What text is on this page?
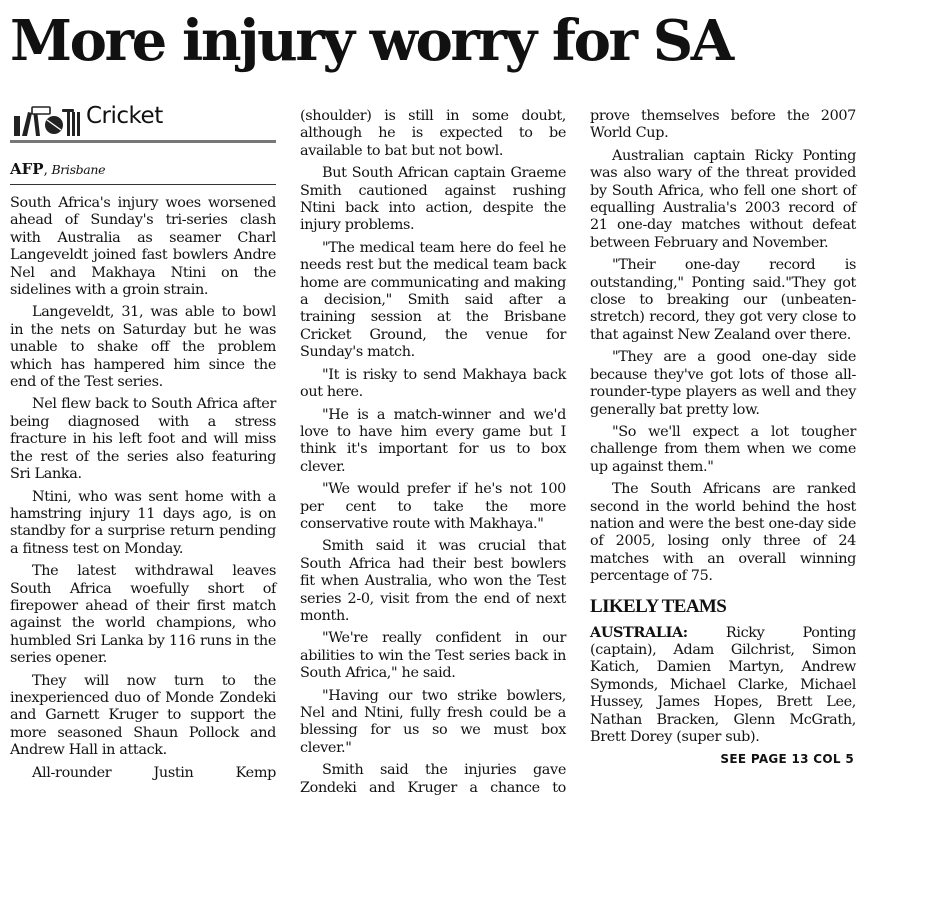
More injury worry for SA
Cricket
AFP, Brisbane

South Africa's injury woes worsened ahead of Sunday's tri-series clash with Australia as seamer Charl Langeveldt joined fast bowlers Andre Nel and Makhaya Ntini on the sidelines with a groin strain.

Langeveldt, 31, was able to bowl in the nets on Saturday but he was unable to shake off the problem which has hampered him since the end of the Test series.

Nel flew back to South Africa after being diagnosed with a stress fracture in his left foot and will miss the rest of the series also featuring Sri Lanka.

Ntini, who was sent home with a hamstring injury 11 days ago, is on standby for a surprise return pending a fitness test on Monday.

The latest withdrawal leaves South Africa woefully short of firepower ahead of their first match against the world champions, who humbled Sri Lanka by 116 runs in the series opener.

They will now turn to the inexperienced duo of Monde Zondeki and Garnett Kruger to support the more seasoned Shaun Pollock and Andrew Hall in attack.

All-rounder Justin Kemp

(shoulder) is still in some doubt, although he is expected to be available to bat but not bowl.

But South African captain Graeme Smith cautioned against rushing Ntini back into action, despite the injury problems.

"The medical team here do feel he needs rest but the medical team back home are communicating and making a decision," Smith said after a training session at the Brisbane Cricket Ground, the venue for Sunday's match.

"It is risky to send Makhaya back out here.

"He is a match-winner and we'd love to have him every game but I think it's important for us to box clever.

"We would prefer if he's not 100 per cent to take the more conservative route with Makhaya."

Smith said it was crucial that South Africa had their best bowlers fit when Australia, who won the Test series 2-0, visit from the end of next month.

"We're really confident in our abilities to win the Test series back in South Africa," he said.

"Having our two strike bowlers, Nel and Ntini, fully fresh could be a blessing for us so we must box clever."

Smith said the injuries gave Zondeki and Kruger a chance to

prove themselves before the 2007 World Cup.

Australian captain Ricky Ponting was also wary of the threat provided by South Africa, who fell one short of equalling Australia's 2003 record of 21 one-day matches without defeat between February and November.

"Their one-day record is outstanding," Ponting said."They got close to breaking our (unbeaten-stretch) record, they got very close to that against New Zealand over there.

"They are a good one-day side because they've got lots of those all-rounder-type players as well and they generally bat pretty low.

"So we'll expect a lot tougher challenge from them when we come up against them."

The South Africans are ranked second in the world behind the host nation and were the best one-day side of 2005, losing only three of 24 matches with an overall winning percentage of 75.

LIKELY TEAMS

AUSTRALIA: Ricky Ponting (captain), Adam Gilchrist, Simon Katich, Damien Martyn, Andrew Symonds, Michael Clarke, Michael Hussey, James Hopes, Brett Lee, Nathan Bracken, Glenn McGrath, Brett Dorey (super sub).

SEE PAGE 13 COL 5
